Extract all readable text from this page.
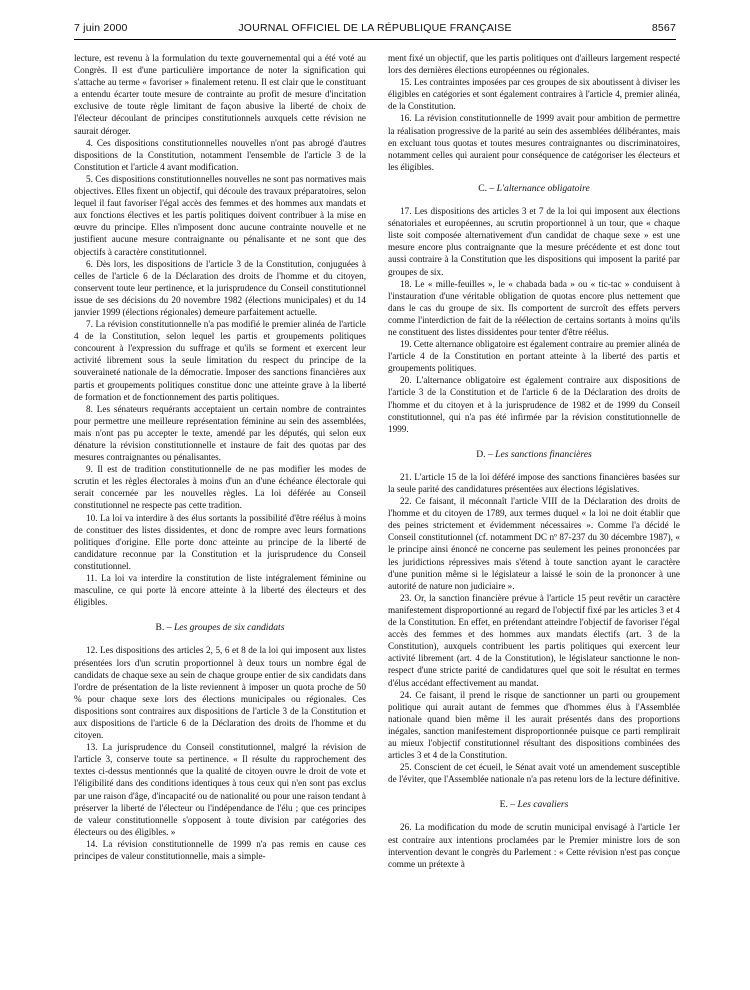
7 juin 2000	JOURNAL OFFICIEL DE LA RÉPUBLIQUE FRANÇAISE	8567

lecture, est revenu à la formulation du texte gouvernemental qui a été voté au Congrès. Il est d'une particulière importance de noter la signification qui s'attache au terme « favoriser » finalement retenu. Il est clair que le constituant a entendu écarter toute mesure de contrainte au profit de mesure d'incitation exclusive de toute règle limitant de façon abusive la liberté de choix de l'électeur découlant de principes constitutionnels auxquels cette révision ne saurait déroger.

4. Ces dispositions constitutionnelles nouvelles n'ont pas abrogé d'autres dispositions de la Constitution, notamment l'ensemble de l'article 3 de la Constitution et l'article 4 avant modification.

5. Ces dispositions constitutionnelles nouvelles ne sont pas normatives mais objectives. Elles fixent un objectif, qui découle des travaux préparatoires, selon lequel il faut favoriser l'égal accès des femmes et des hommes aux mandats et aux fonctions électives et les partis politiques doivent contribuer à la mise en œuvre du principe. Elles n'imposent donc aucune contrainte nouvelle et ne justifient aucune mesure contraignante ou pénalisante et ne sont que des objectifs à caractère constitutionnel.

6. Dès lors, les dispositions de l'article 3 de la Constitution, conjuguées à celles de l'article 6 de la Déclaration des droits de l'homme et du citoyen, conservent toute leur pertinence, et la jurisprudence du Conseil constitutionnel issue de ses décisions du 20 novembre 1982 (élections municipales) et du 14 janvier 1999 (élections régionales) demeure parfaitement actuelle.

7. La révision constitutionnelle n'a pas modifié le premier alinéa de l'article 4 de la Constitution, selon lequel les partis et groupements politiques concourent à l'expression du suffrage et qu'ils se forment et exercent leur activité librement sous la seule limitation du respect du principe de la souveraineté nationale de la démocratie. Imposer des sanctions financières aux partis et groupements politiques constitue donc une atteinte grave à la liberté de formation et de fonctionnement des partis politiques.

8. Les sénateurs requérants acceptaient un certain nombre de contraintes pour permettre une meilleure représentation féminine au sein des assemblées, mais n'ont pas pu accepter le texte, amendé par les députés, qui selon eux dénature la révision constitutionnelle et instaure de fait des quotas par des mesures contraignantes ou pénalisantes.

9. Il est de tradition constitutionnelle de ne pas modifier les modes de scrutin et les règles électorales à moins d'un an d'une échéance électorale qui serait concernée par les nouvelles règles. La loi déférée au Conseil constitutionnel ne respecte pas cette tradition.

10. La loi va interdire à des élus sortants la possibilité d'être réélus à moins de constituer des listes dissidentes, et donc de rompre avec leurs formations politiques d'origine. Elle porte donc atteinte au principe de la liberté de candidature reconnue par la Constitution et la jurisprudence du Conseil constitutionnel.

11. La loi va interdire la constitution de liste intégralement féminine ou masculine, ce qui porte là encore atteinte à la liberté des électeurs et des éligibles.

B. – Les groupes de six candidats

12. Les dispositions des articles 2, 5, 6 et 8 de la loi qui imposent aux listes présentées lors d'un scrutin proportionnel à deux tours un nombre égal de candidats de chaque sexe au sein de chaque groupe entier de six candidats dans l'ordre de présentation de la liste reviennent à imposer un quota proche de 50 % pour chaque sexe lors des élections municipales ou régionales. Ces dispositions sont contraires aux dispositions de l'article 3 de la Constitution et aux dispositions de l'article 6 de la Déclaration des droits de l'homme et du citoyen.

13. La jurisprudence du Conseil constitutionnel, malgré la révision de l'article 3, conserve toute sa pertinence. « Il résulte du rapprochement des textes ci-dessus mentionnés que la qualité de citoyen ouvre le droit de vote et l'éligibilité dans des conditions identiques à tous ceux qui n'en sont pas exclus par une raison d'âge, d'incapacité ou de nationalité ou pour une raison tendant à préserver la liberté de l'électeur ou l'indépendance de l'élu ; que ces principes de valeur constitutionnelle s'opposent à toute division par catégories des électeurs ou des éligibles. »

14. La révision constitutionnelle de 1999 n'a pas remis en cause ces principes de valeur constitutionnelle, mais a simple-

ment fixé un objectif, que les partis politiques ont d'ailleurs largement respecté lors des dernières élections européennes ou régionales.

15. Les contraintes imposées par ces groupes de six aboutissent à diviser les éligibles en catégories et sont également contraires à l'article 4, premier alinéa, de la Constitution.

16. La révision constitutionnelle de 1999 avait pour ambition de permettre la réalisation progressive de la parité au sein des assemblées délibérantes, mais en excluant tous quotas et toutes mesures contraignantes ou discriminatoires, notamment celles qui auraient pour conséquence de catégoriser les électeurs et les éligibles.

C. – L'alternance obligatoire

17. Les dispositions des articles 3 et 7 de la loi qui imposent aux élections sénatoriales et européennes, au scrutin proportionnel à un tour, que « chaque liste soit composée alternativement d'un candidat de chaque sexe » est une mesure encore plus contraignante que la mesure précédente et est donc tout aussi contraire à la Constitution que les dispositions qui imposent la parité par groupes de six.

18. Le « mille-feuilles », le « chabada bada » ou « tic-tac » conduisent à l'instauration d'une véritable obligation de quotas encore plus nettement que dans le cas du groupe de six. Ils comportent de surcroît des effets pervers comme l'interdiction de fait de la réélection de certains sortants à moins qu'ils ne constituent des listes dissidentes pour tenter d'être réélus.

19. Cette alternance obligatoire est également contraire au premier alinéa de l'article 4 de la Constitution en portant atteinte à la liberté des partis et groupements politiques.

20. L'alternance obligatoire est également contraire aux dispositions de l'article 3 de la Constitution et de l'article 6 de la Déclaration des droits de l'homme et du citoyen et à la jurisprudence de 1982 et de 1999 du Conseil constitutionnel, qui n'a pas été infirmée par la révision constitutionnelle de 1999.

D. – Les sanctions financières

21. L'article 15 de la loi déféré impose des sanctions financières basées sur la seule parité des candidatures présentées aux élections législatives.

22. Ce faisant, il méconnaît l'article VIII de la Déclaration des droits de l'homme et du citoyen de 1789, aux termes duquel « la loi ne doit établir que des peines strictement et évidemment nécessaires ». Comme l'a décidé le Conseil constitutionnel (cf. notamment DC nº 87-237 du 30 décembre 1987), « le principe ainsi énoncé ne concerne pas seulement les peines prononcées par les juridictions répressives mais s'étend à toute sanction ayant le caractère d'une punition même si le législateur a laissé le soin de la prononcer à une autorité de nature non judiciaire ».

23. Or, la sanction financière prévue à l'article 15 peut revêtir un caractère manifestement disproportionné au regard de l'objectif fixé par les articles 3 et 4 de la Constitution. En effet, en prétendant atteindre l'objectif de favoriser l'égal accès des femmes et des hommes aux mandats électifs (art. 3 de la Constitution), auxquels contribuent les partis politiques qui exercent leur activité librement (art. 4 de la Constitution), le législateur sanctionne le non-respect d'une stricte parité de candidatures quel que soit le résultat en termes d'élus accédant effectivement au mandat.

24. Ce faisant, il prend le risque de sanctionner un parti ou groupement politique qui aurait autant de femmes que d'hommes élus à l'Assemblée nationale quand bien même il les aurait présentés dans des proportions inégales, sanction manifestement disproportionnée puisque ce parti remplirait au mieux l'objectif constitutionnel résultant des dispositions combinées des articles 3 et 4 de la Constitution.

25. Conscient de cet écueil, le Sénat avait voté un amendement susceptible de l'éviter, que l'Assemblée nationale n'a pas retenu lors de la lecture définitive.

E. – Les cavaliers

26. La modification du mode de scrutin municipal envisagé à l'article 1er est contraire aux intentions proclamées par le Premier ministre lors de son intervention devant le congrès du Parlement : « Cette révision n'est pas conçue comme un prétexte à
